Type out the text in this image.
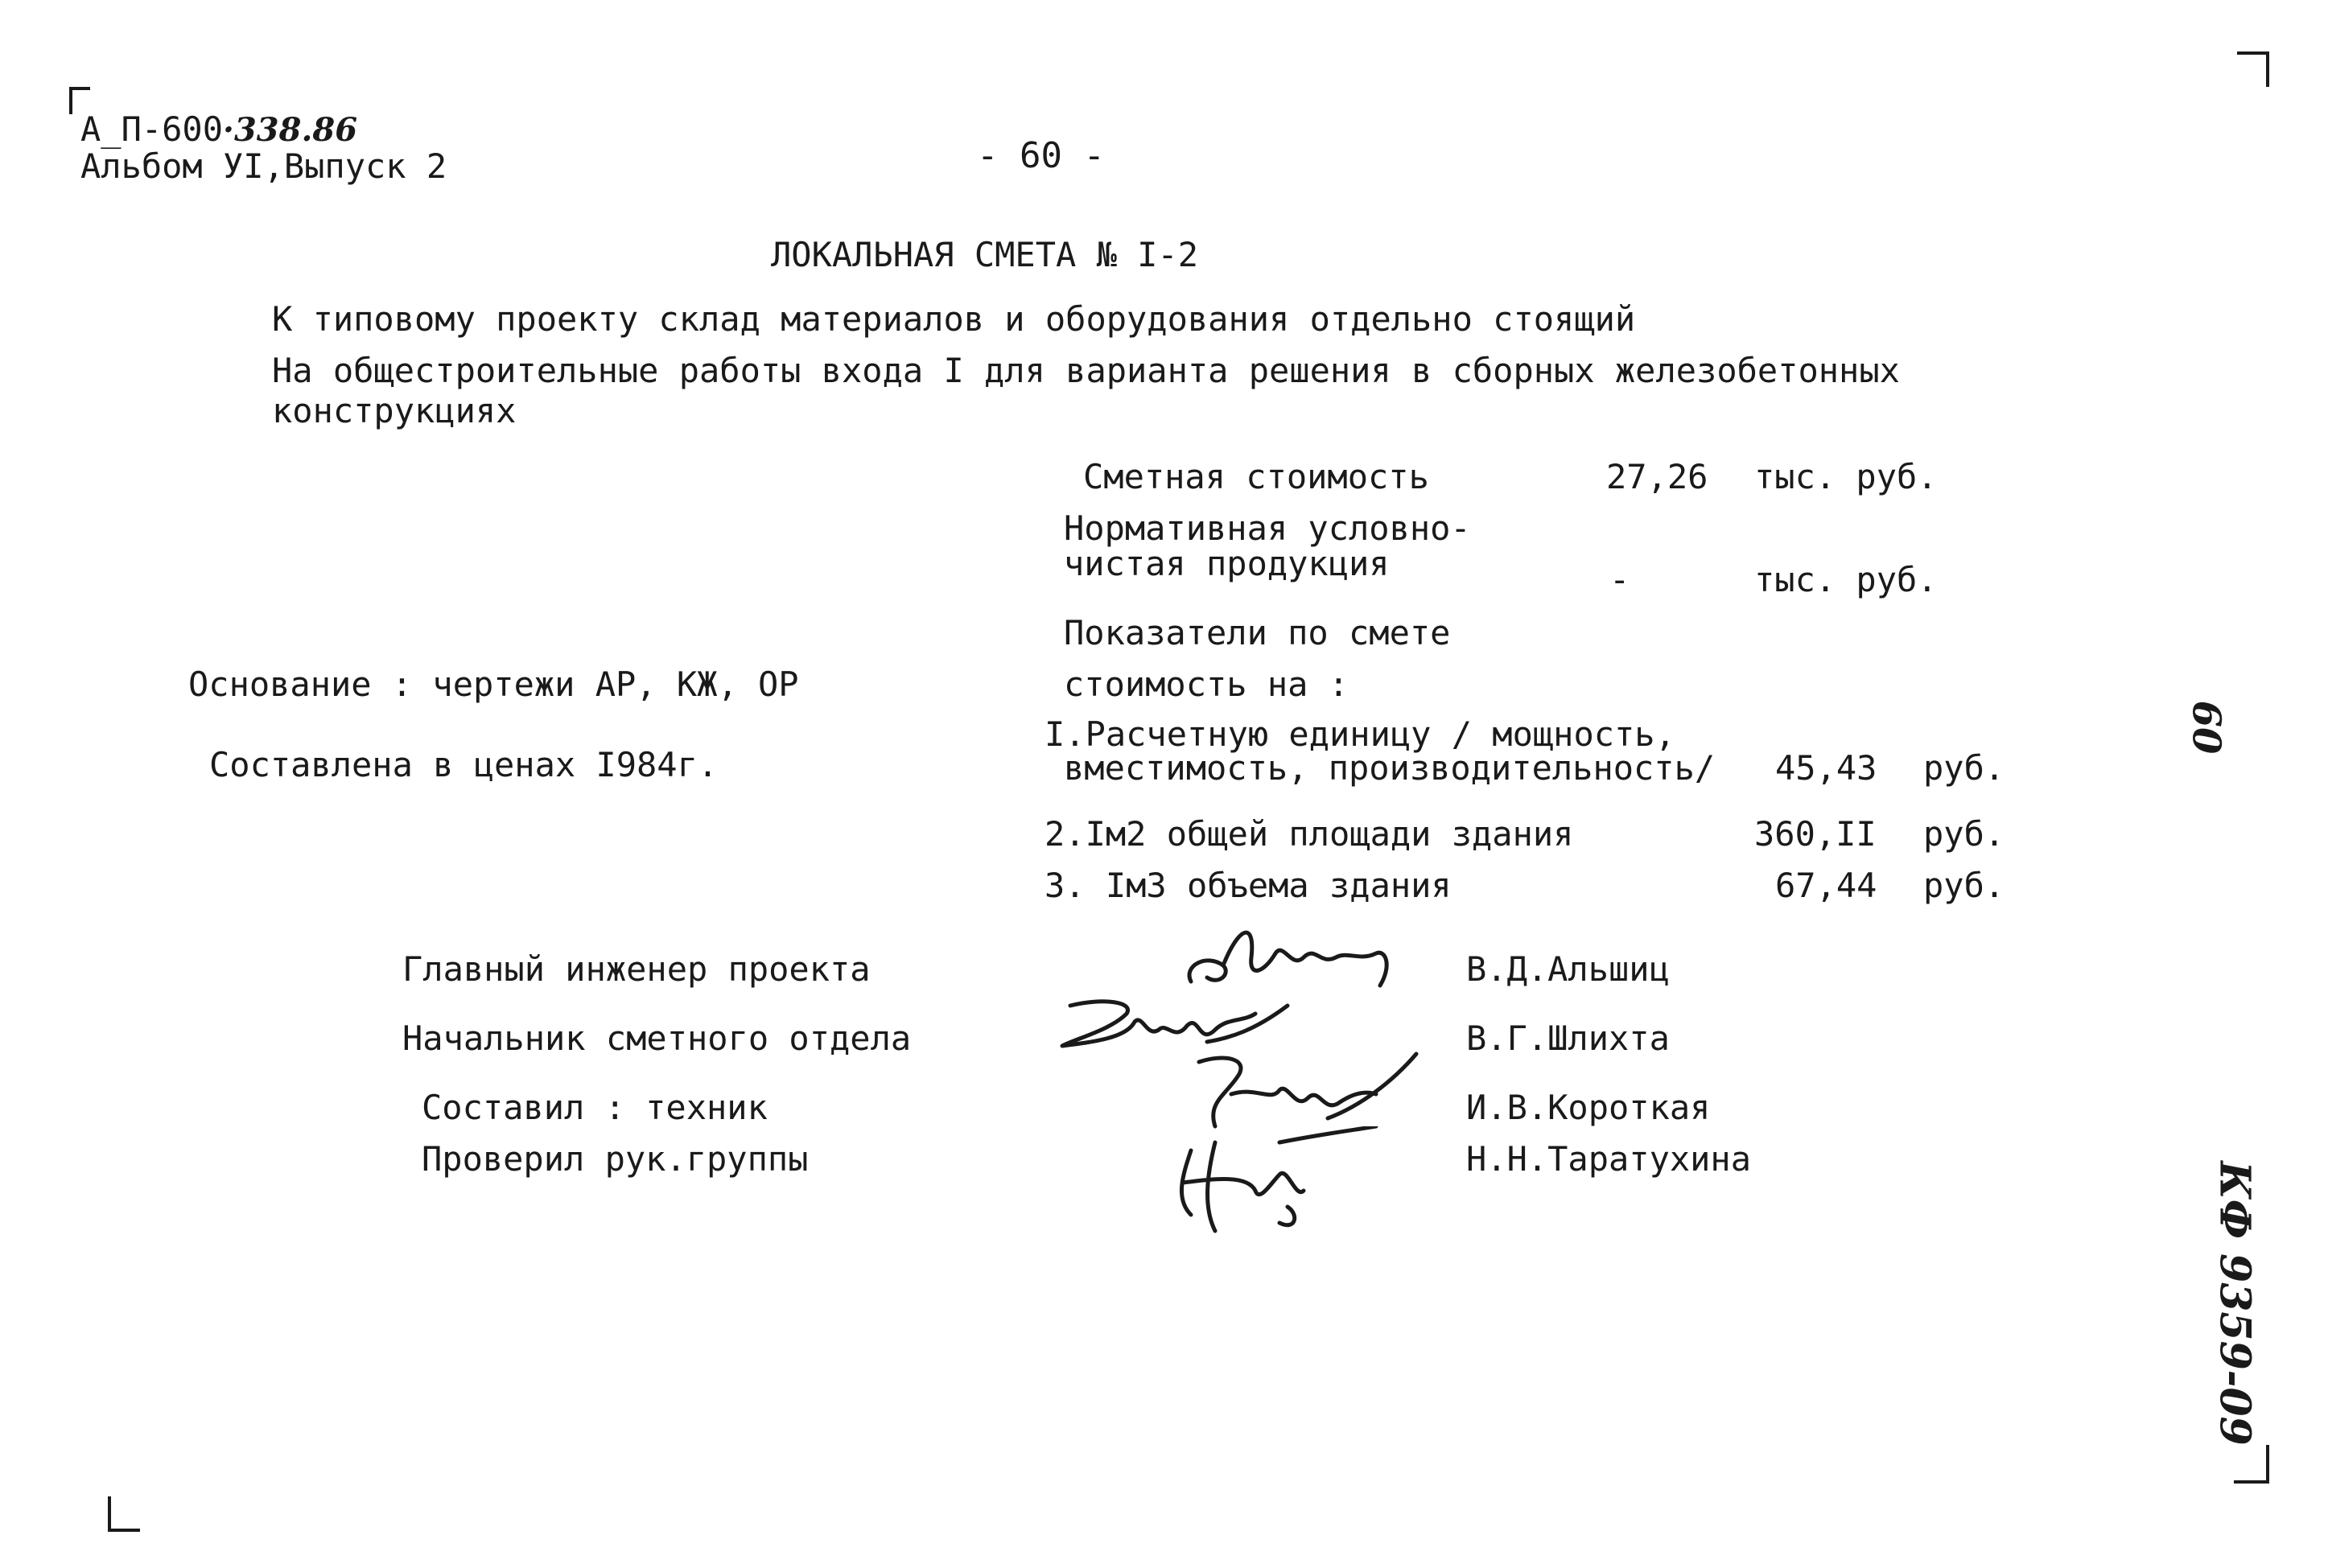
А_П-600·338.86
Альбом УI,Выпуск 2	- 60 -
ЛОКАЛЬНАЯ СМЕТА № I-2
К типовому проекту склад материалов и оборудования отдельно стоящий
На общестроительные работы входа I для варианта решения в сборных железобетонных
конструкциях
Сметная стоимость	27,26 тыс. руб.
Нормативная условно-
чистая продукция	-	тыс. руб.
Показатели по смете
стоимость на :
Основание : чертежи АР, КЖ, ОР
Составлена в ценах I984г.
I.Расчетную единицу / мощность,
вместимость, производительность/ 45,43 руб.
2.Iм2 общей площади здания	360,II руб.
3. Iм3 объема здания	67,44 руб.
Главный инженер проекта	В.Д.Альшиц
Начальник сметного отдела	В.Г.Шлихта
Составил : техник	И.В.Короткая
Проверил рук.группы	Н.Н.Таратухина
60
КФ 9359-09
